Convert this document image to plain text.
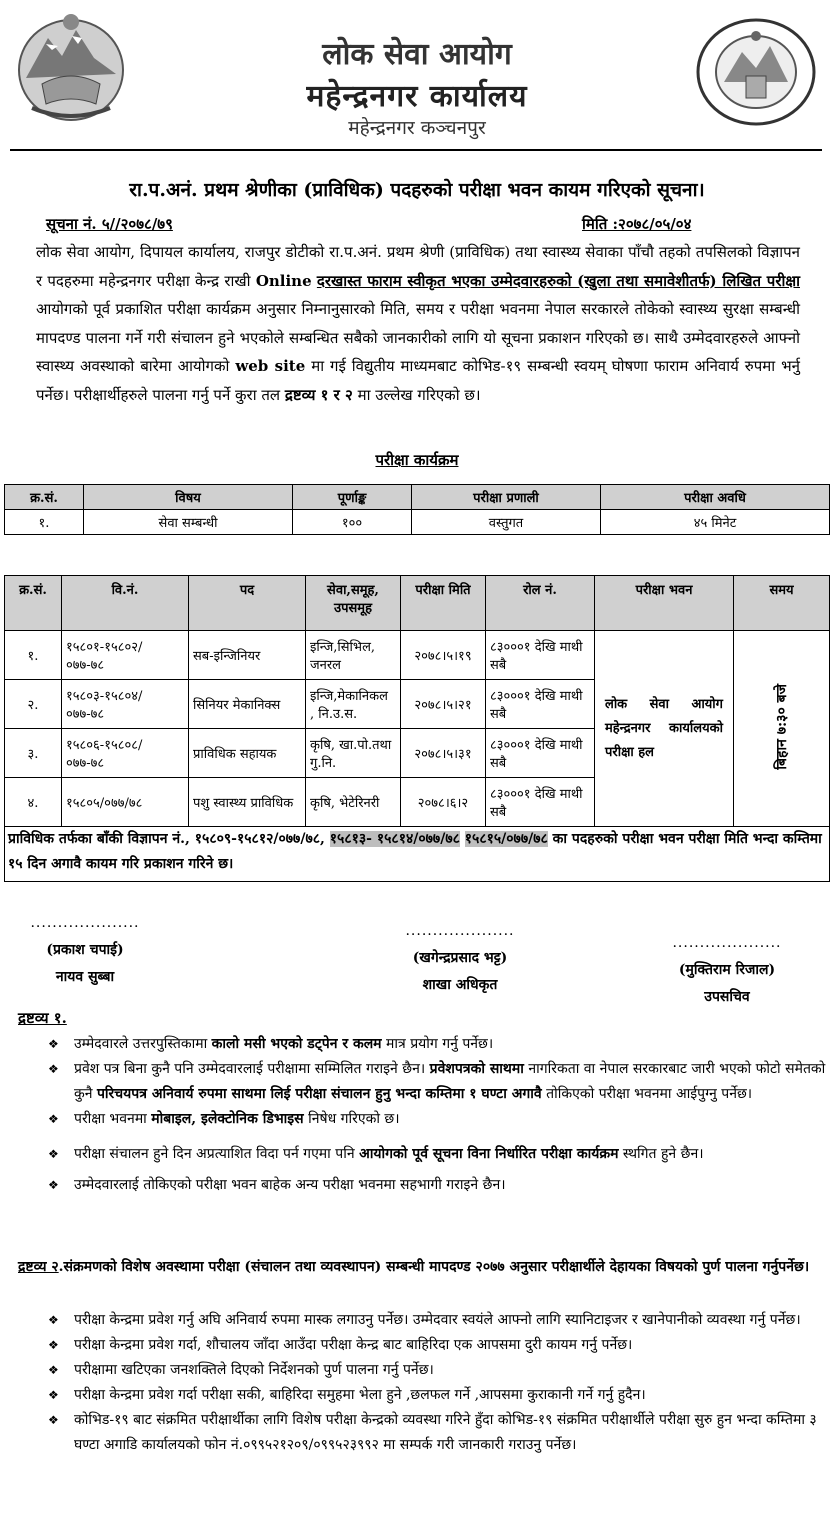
लोक सेवा आयोग
महेन्द्रनगर कार्यालय
महेन्द्रनगर कञ्चनपुर
रा.प.अनं. प्रथम श्रेणीका (प्राविधिक) पदहरुको परीक्षा भवन कायम गरिएको सूचना।
सूचना नं. ५//२०७८/७९	मिति :२०७८/०५/०४
लोक सेवा आयोग, दिपायल कार्यालय, राजपुर डोटीको रा.प.अनं. प्रथम श्रेणी (प्राविधिक) तथा स्वास्थ्य सेवाका पाँचौ तहको तपसिलको विज्ञापन र पदहरुमा महेन्द्रनगर परीक्षा केन्द्र राखी Online दरखास्त फाराम स्वीकृत भएका उम्मेदवारहरुको (खुला तथा समावेशीतर्फ) लिखित परीक्षा आयोगको पूर्व प्रकाशित परीक्षा कार्यक्रम अनुसार निम्नानुसारको मिति, समय र परीक्षा भवनमा नेपाल सरकारले तोकेको स्वास्थ्य सुरक्षा सम्बन्धी मापदण्ड पालना गर्ने गरी संचालन हुने भएकोले सम्बन्धित सबैको जानकारीको लागि यो सूचना प्रकाशन गरिएको छ। साथै उम्मेदवारहरुले आफ्नो स्वास्थ्य अवस्थाको बारेमा आयोगको web site मा गई विद्युतीय माध्यमबाट कोभिड-१९ सम्बन्धी स्वयम् घोषणा फाराम अनिवार्य रुपमा भर्नु पर्नेछ। परीक्षार्थीहरुले पालना गर्नु पर्ने कुरा तल द्रष्टव्य १ र २ मा उल्लेख गरिएको छ।
परीक्षा कार्यक्रम
क्र.सं.	विषय	पूर्णाङ्क	परीक्षा प्रणाली	परीक्षा अवधि
१.	सेवा सम्बन्धी	१००	वस्तुगत	४५ मिनेट
क्र.सं.	वि.नं.	पद	सेवा,समूह, उपसमूह	परीक्षा मिति	रोल नं.	परीक्षा भवन	समय
१.	१५८०१-१५८०२/ ०७७-७८	सब-इन्जिनियर	इन्जि,सिभिल, जनरल	२०७८।५।१९	८३०००१ देखि माथी सबै	लोक सेवा आयोग महेन्द्रनगर कार्यालयको परीक्षा हल	बिहान ७:३० बजे
२.	१५८०३-१५८०४/ ०७७-७८	सिनियर मेकानिक्स	इन्जि,मेकानिकल , नि.उ.स.	२०७८।५।२१	८३०००१ देखि माथी सबै		
३.	१५८०६-१५८०८/ ०७७-७८	प्राविधिक सहायक	कृषि, खा.पो.तथा गु.नि.	२०७८।५।३१	८३०००१ देखि माथी सबै		
४.	१५८०५/०७७/७८	पशु स्वास्थ्य प्राविधिक	कृषि, भेटेरिनरी	२०७८।६।२	८३०००१ देखि माथी सबै		
प्राविधिक तर्फका बाँकी विज्ञापन नं., १५८०९-१५८१२/०७७/७८, १५८१३- १५८१४/०७७/७८ १५८१५/०७७/७८ का पदहरुको परीक्षा भवन परीक्षा मिति भन्दा कम्तिमा १५ दिन अगावै कायम गरि प्रकाशन गरिने छ।
....................
(प्रकाश चपाई)
नायव सुब्बा
....................
(खगेन्द्रप्रसाद भट्ट)
शाखा अधिकृत
....................
(मुक्तिराम रिजाल)
उपसचिव
द्रष्टव्य १.

❖ उम्मेदवारले उत्तरपुस्तिकामा कालो मसी भएको डट्पेन र कलम मात्र प्रयोग गर्नु पर्नेछ।

❖ प्रवेश पत्र बिना कुनै पनि उम्मेदवारलाई परीक्षामा सम्मिलित गराइने छैन। प्रवेशपत्रको साथमा नागरिकता वा नेपाल सरकारबाट जारी भएको फोटो समेतको कुनै परिचयपत्र अनिवार्य रुपमा साथमा लिई परीक्षा संचालन हुनु भन्दा कम्तिमा १ घण्टा अगावै तोकिएको परीक्षा भवनमा आईपुग्नु पर्नेछ।

❖ परीक्षा भवनमा मोबाइल, इलेक्टोनिक डिभाइस निषेध गरिएको छ।

❖ परीक्षा संचालन हुने दिन अप्रत्याशित विदा पर्न गएमा पनि आयोगको पूर्व सूचना विना निर्धारित परीक्षा कार्यक्रम स्थगित हुने छैन।

❖ उम्मेदवारलाई तोकिएको परीक्षा भवन बाहेक अन्य परीक्षा भवनमा सहभागी गराइने छैन।

द्रष्टव्य २.संक्रमणको विशेष अवस्थामा परीक्षा (संचालन तथा व्यवस्थापन) सम्बन्धी मापदण्ड २०७७ अनुसार परीक्षार्थीले देहायका विषयको पुर्ण पालना गर्नुपर्नेछ।

❖ परीक्षा केन्द्रमा प्रवेश गर्नु अघि अनिवार्य रुपमा मास्क लगाउनु पर्नेछ। उम्मेदवार स्वयंले आफ्नो लागि स्यानिटाइजर र खानेपानीको व्यवस्था गर्नु पर्नेछ।

❖ परीक्षा केन्द्रमा प्रवेश गर्दा, शौचालय जाँदा आउँदा परीक्षा केन्द्र बाट बाहिरिदा एक आपसमा दुरी कायम गर्नु पर्नेछ।

❖ परीक्षामा खटिएका जनशक्तिले दिएको निर्देशनको पुर्ण पालना गर्नु पर्नेछ।

❖ परीक्षा केन्द्रमा प्रवेश गर्दा परीक्षा सकी, बाहिरिदा समुहमा भेला हुने ,छलफल गर्ने ,आपसमा कुराकानी गर्ने गर्नु हुदैन।

❖ कोभिड-१९ बाट संक्रमित परीक्षार्थीका लागि विशेष परीक्षा केन्द्रको व्यवस्था गरिने हुँदा कोभिड-१९ संक्रमित परीक्षार्थीले परीक्षा सुरु हुन भन्दा कम्तिमा ३ घण्टा अगाडि कार्यालयको फोन नं.०९९५२१२०९/०९९५२३९९२ मा सम्पर्क गरी जानकारी गराउनु पर्नेछ।
